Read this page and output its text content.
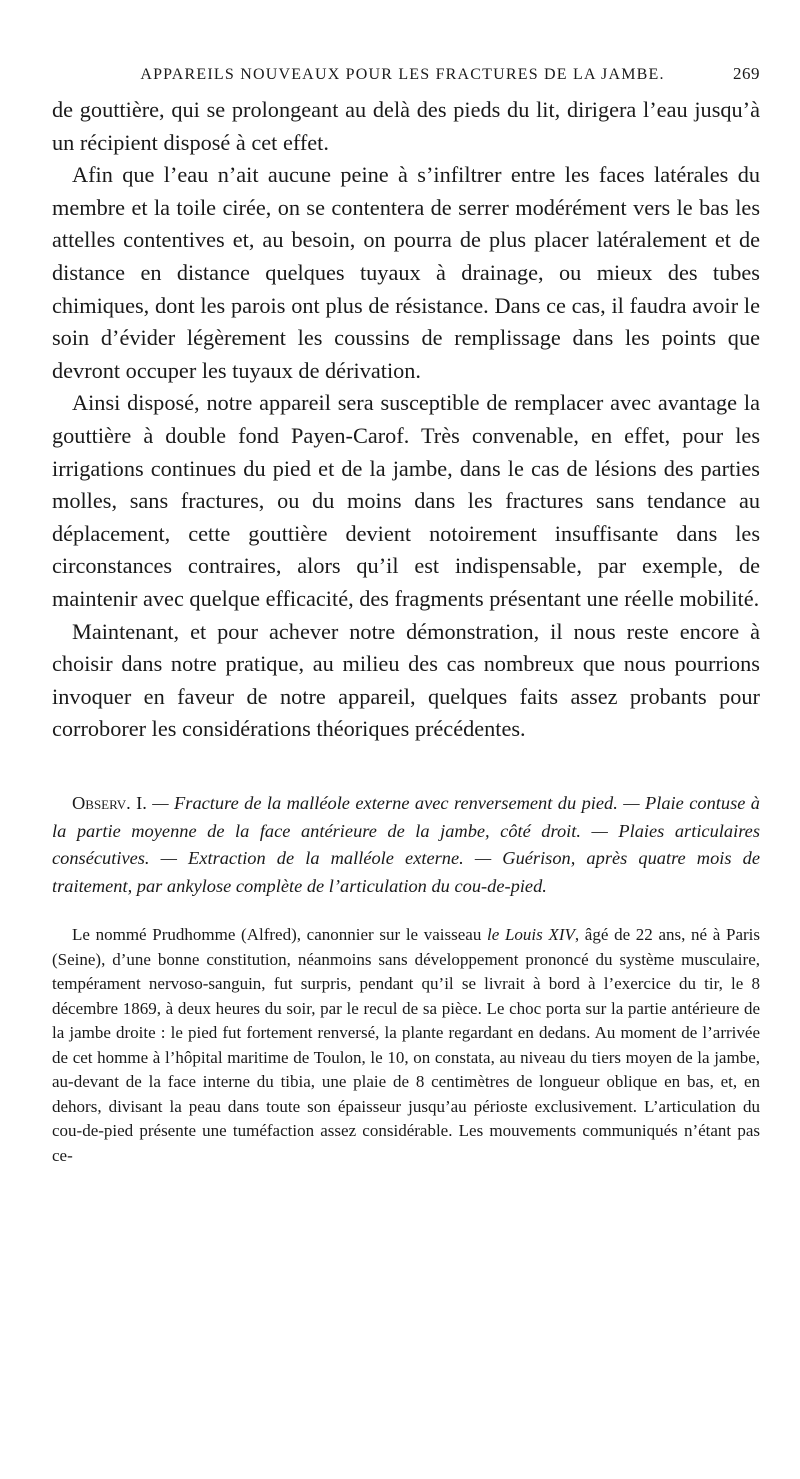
APPAREILS NOUVEAUX POUR LES FRACTURES DE LA JAMBE.	269

de gouttière, qui se prolongeant au delà des pieds du lit, dirigera l’eau jusqu’à un récipient disposé à cet effet.

Afin que l’eau n’ait aucune peine à s’infiltrer entre les faces latérales du membre et la toile cirée, on se contentera de serrer modérément vers le bas les attelles contentives et, au besoin, on pourra de plus placer latéralement et de distance en distance quelques tuyaux à drainage, ou mieux des tubes chimiques, dont les parois ont plus de résistance. Dans ce cas, il faudra avoir le soin d’évider légèrement les coussins de remplissage dans les points que devront occuper les tuyaux de dérivation.

Ainsi disposé, notre appareil sera susceptible de remplacer avec avantage la gouttière à double fond Payen-Carof. Très convenable, en effet, pour les irrigations continues du pied et de la jambe, dans le cas de lésions des parties molles, sans fractures, ou du moins dans les fractures sans tendance au déplacement, cette gouttière devient notoirement insuffisante dans les circonstances contraires, alors qu’il est indispensable, par exemple, de maintenir avec quelque efficacité, des fragments présentant une réelle mobilité.

Maintenant, et pour achever notre démonstration, il nous reste encore à choisir dans notre pratique, au milieu des cas nombreux que nous pourrions invoquer en faveur de notre appareil, quelques faits assez probants pour corroborer les considérations théoriques précédentes.

Observ. I. — Fracture de la malléole externe avec renversement du pied. — Plaie contuse à la partie moyenne de la face antérieure de la jambe, côté droit. — Plaies articulaires consécutives. — Extraction de la malléole externe. — Guérison, après quatre mois de traitement, par ankylose complète de l’articulation du cou-de-pied.

Le nommé Prudhomme (Alfred), canonnier sur le vaisseau le Louis XIV, âgé de 22 ans, né à Paris (Seine), d’une bonne constitution, néanmoins sans développement prononcé du système musculaire, tempérament nervoso-sanguin, fut surpris, pendant qu’il se livrait à bord à l’exercice du tir, le 8 décembre 1869, à deux heures du soir, par le recul de sa pièce. Le choc porta sur la partie antérieure de la jambe droite : le pied fut fortement renversé, la plante regardant en dedans. Au moment de l’arrivée de cet homme à l’hôpital maritime de Toulon, le 10, on constata, au niveau du tiers moyen de la jambe, au-devant de la face interne du tibia, une plaie de 8 centimètres de longueur oblique en bas, et, en dehors, divisant la peau dans toute son épaisseur jusqu’au périoste exclusivement. L’articulation du cou-de-pied présente une tuméfaction assez considérable. Les mouvements communiqués n’étant pas ce-
